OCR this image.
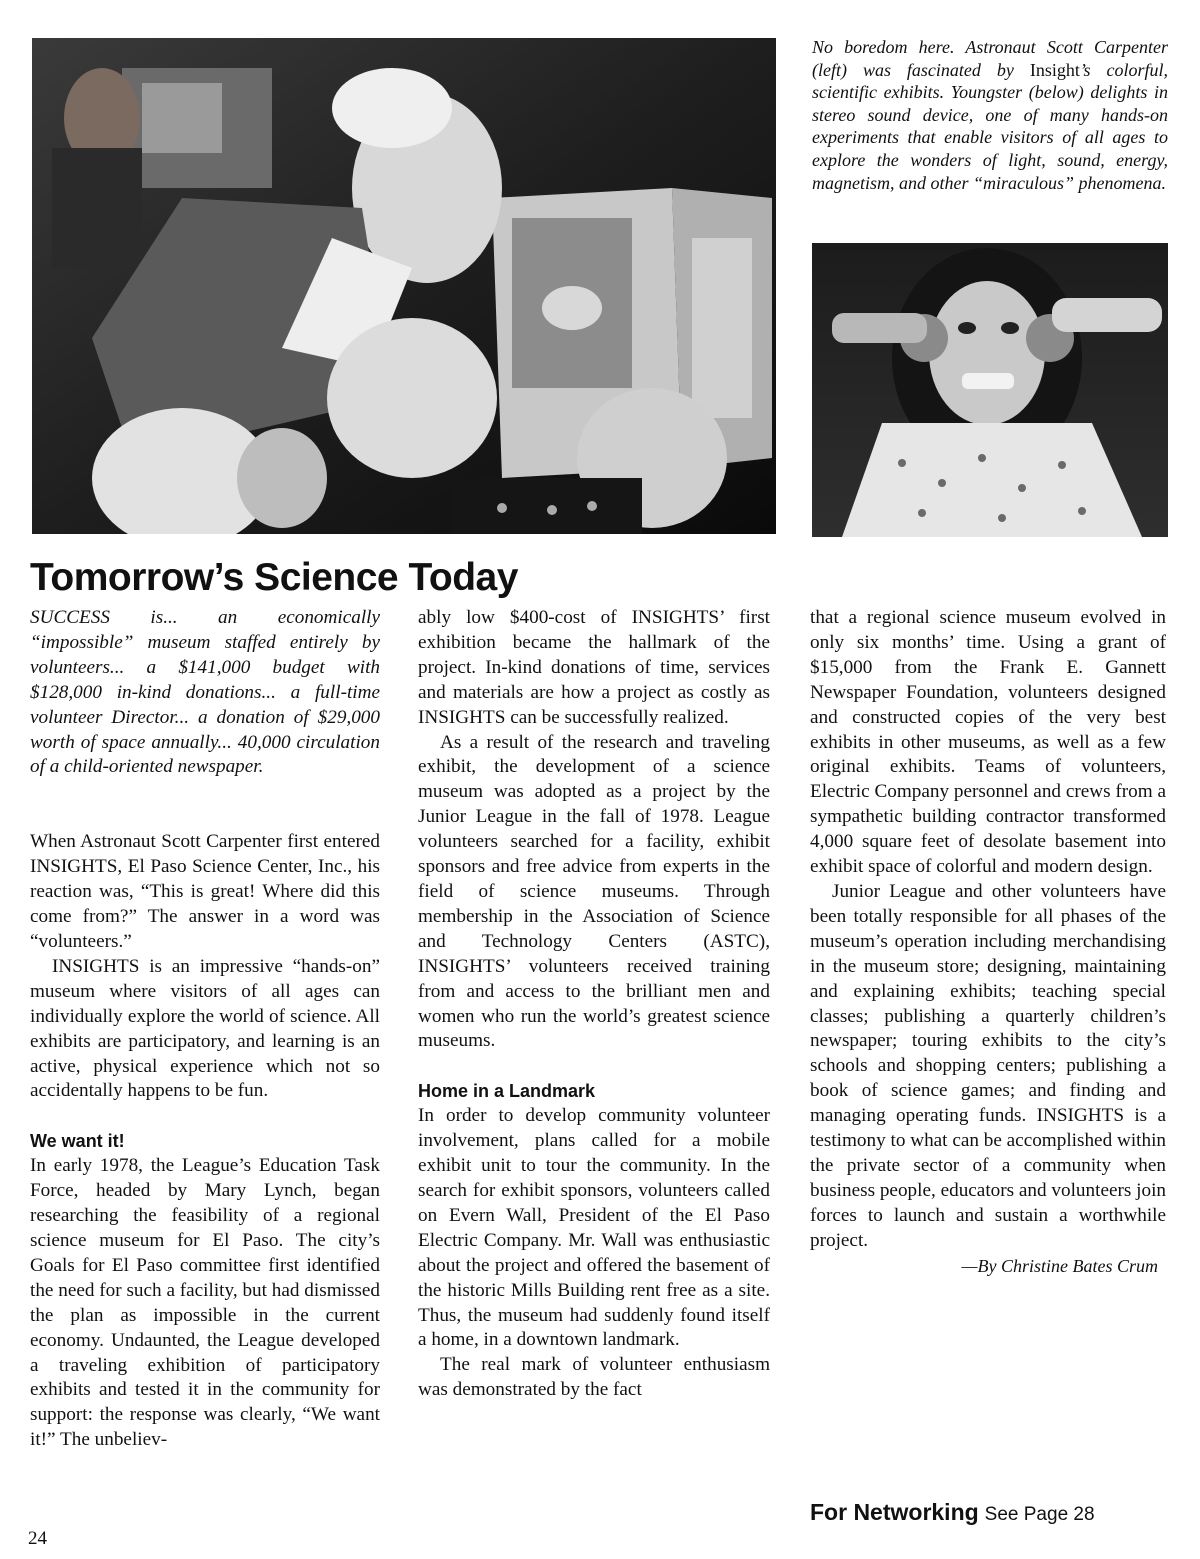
No boredom here. Astronaut Scott Carpenter (left) was fascinated by Insight’s colorful, scientific exhibits. Youngster (below) delights in stereo sound device, one of many hands-on experiments that enable visitors of all ages to explore the wonders of light, sound, energy, magnetism, and other “miraculous” phenomena.
Tomorrow’s Science Today

SUCCESS is... an economically “impossible” museum staffed entirely by volunteers... a $141,000 budget with $128,000 in-kind donations... a full-time volunteer Director... a donation of $29,000 worth of space annually... 40,000 circulation of a child-oriented newspaper.

When Astronaut Scott Carpenter first entered INSIGHTS, El Paso Science Center, Inc., his reaction was, “This is great! Where did this come from?” The answer in a word was “volunteers.”

INSIGHTS is an impressive “hands-on” museum where visitors of all ages can individually explore the world of science. All exhibits are participatory, and learning is an active, physical experience which not so accidentally happens to be fun.

We want it!

In early 1978, the League’s Education Task Force, headed by Mary Lynch, began researching the feasibility of a regional science museum for El Paso. The city’s Goals for El Paso committee first identified the need for such a facility, but had dismissed the plan as impossible in the current economy. Undaunted, the League developed a traveling exhibition of participatory exhibits and tested it in the community for support: the response was clearly, “We want it!” The unbeliev-

ably low $400-cost of INSIGHTS’ first exhibition became the hallmark of the project. In-kind donations of time, services and materials are how a project as costly as INSIGHTS can be successfully realized.

As a result of the research and traveling exhibit, the development of a science museum was adopted as a project by the Junior League in the fall of 1978. League volunteers searched for a facility, exhibit sponsors and free advice from experts in the field of science museums. Through membership in the Association of Science and Technology Centers (ASTC), INSIGHTS’ volunteers received training from and access to the brilliant men and women who run the world’s greatest science museums.

Home in a Landmark

In order to develop community volunteer involvement, plans called for a mobile exhibit unit to tour the community. In the search for exhibit sponsors, volunteers called on Evern Wall, President of the El Paso Electric Company. Mr. Wall was enthusiastic about the project and offered the basement of the historic Mills Building rent free as a site. Thus, the museum had suddenly found itself a home, in a downtown landmark.

The real mark of volunteer enthusiasm was demonstrated by the fact

that a regional science museum evolved in only six months’ time. Using a grant of $15,000 from the Frank E. Gannett Newspaper Foundation, volunteers designed and constructed copies of the very best exhibits in other museums, as well as a few original exhibits. Teams of volunteers, Electric Company personnel and crews from a sympathetic building contractor transformed 4,000 square feet of desolate basement into exhibit space of colorful and modern design.

Junior League and other volunteers have been totally responsible for all phases of the museum’s operation including merchandising in the museum store; designing, maintaining and explaining exhibits; teaching special classes; publishing a quarterly children’s newspaper; touring exhibits to the city’s schools and shopping centers; publishing a book of science games; and finding and managing operating funds. INSIGHTS is a testimony to what can be accomplished within the private sector of a community when business people, educators and volunteers join forces to launch and sustain a worthwhile project.

—By Christine Bates Crum

For Networking See Page 28
24
